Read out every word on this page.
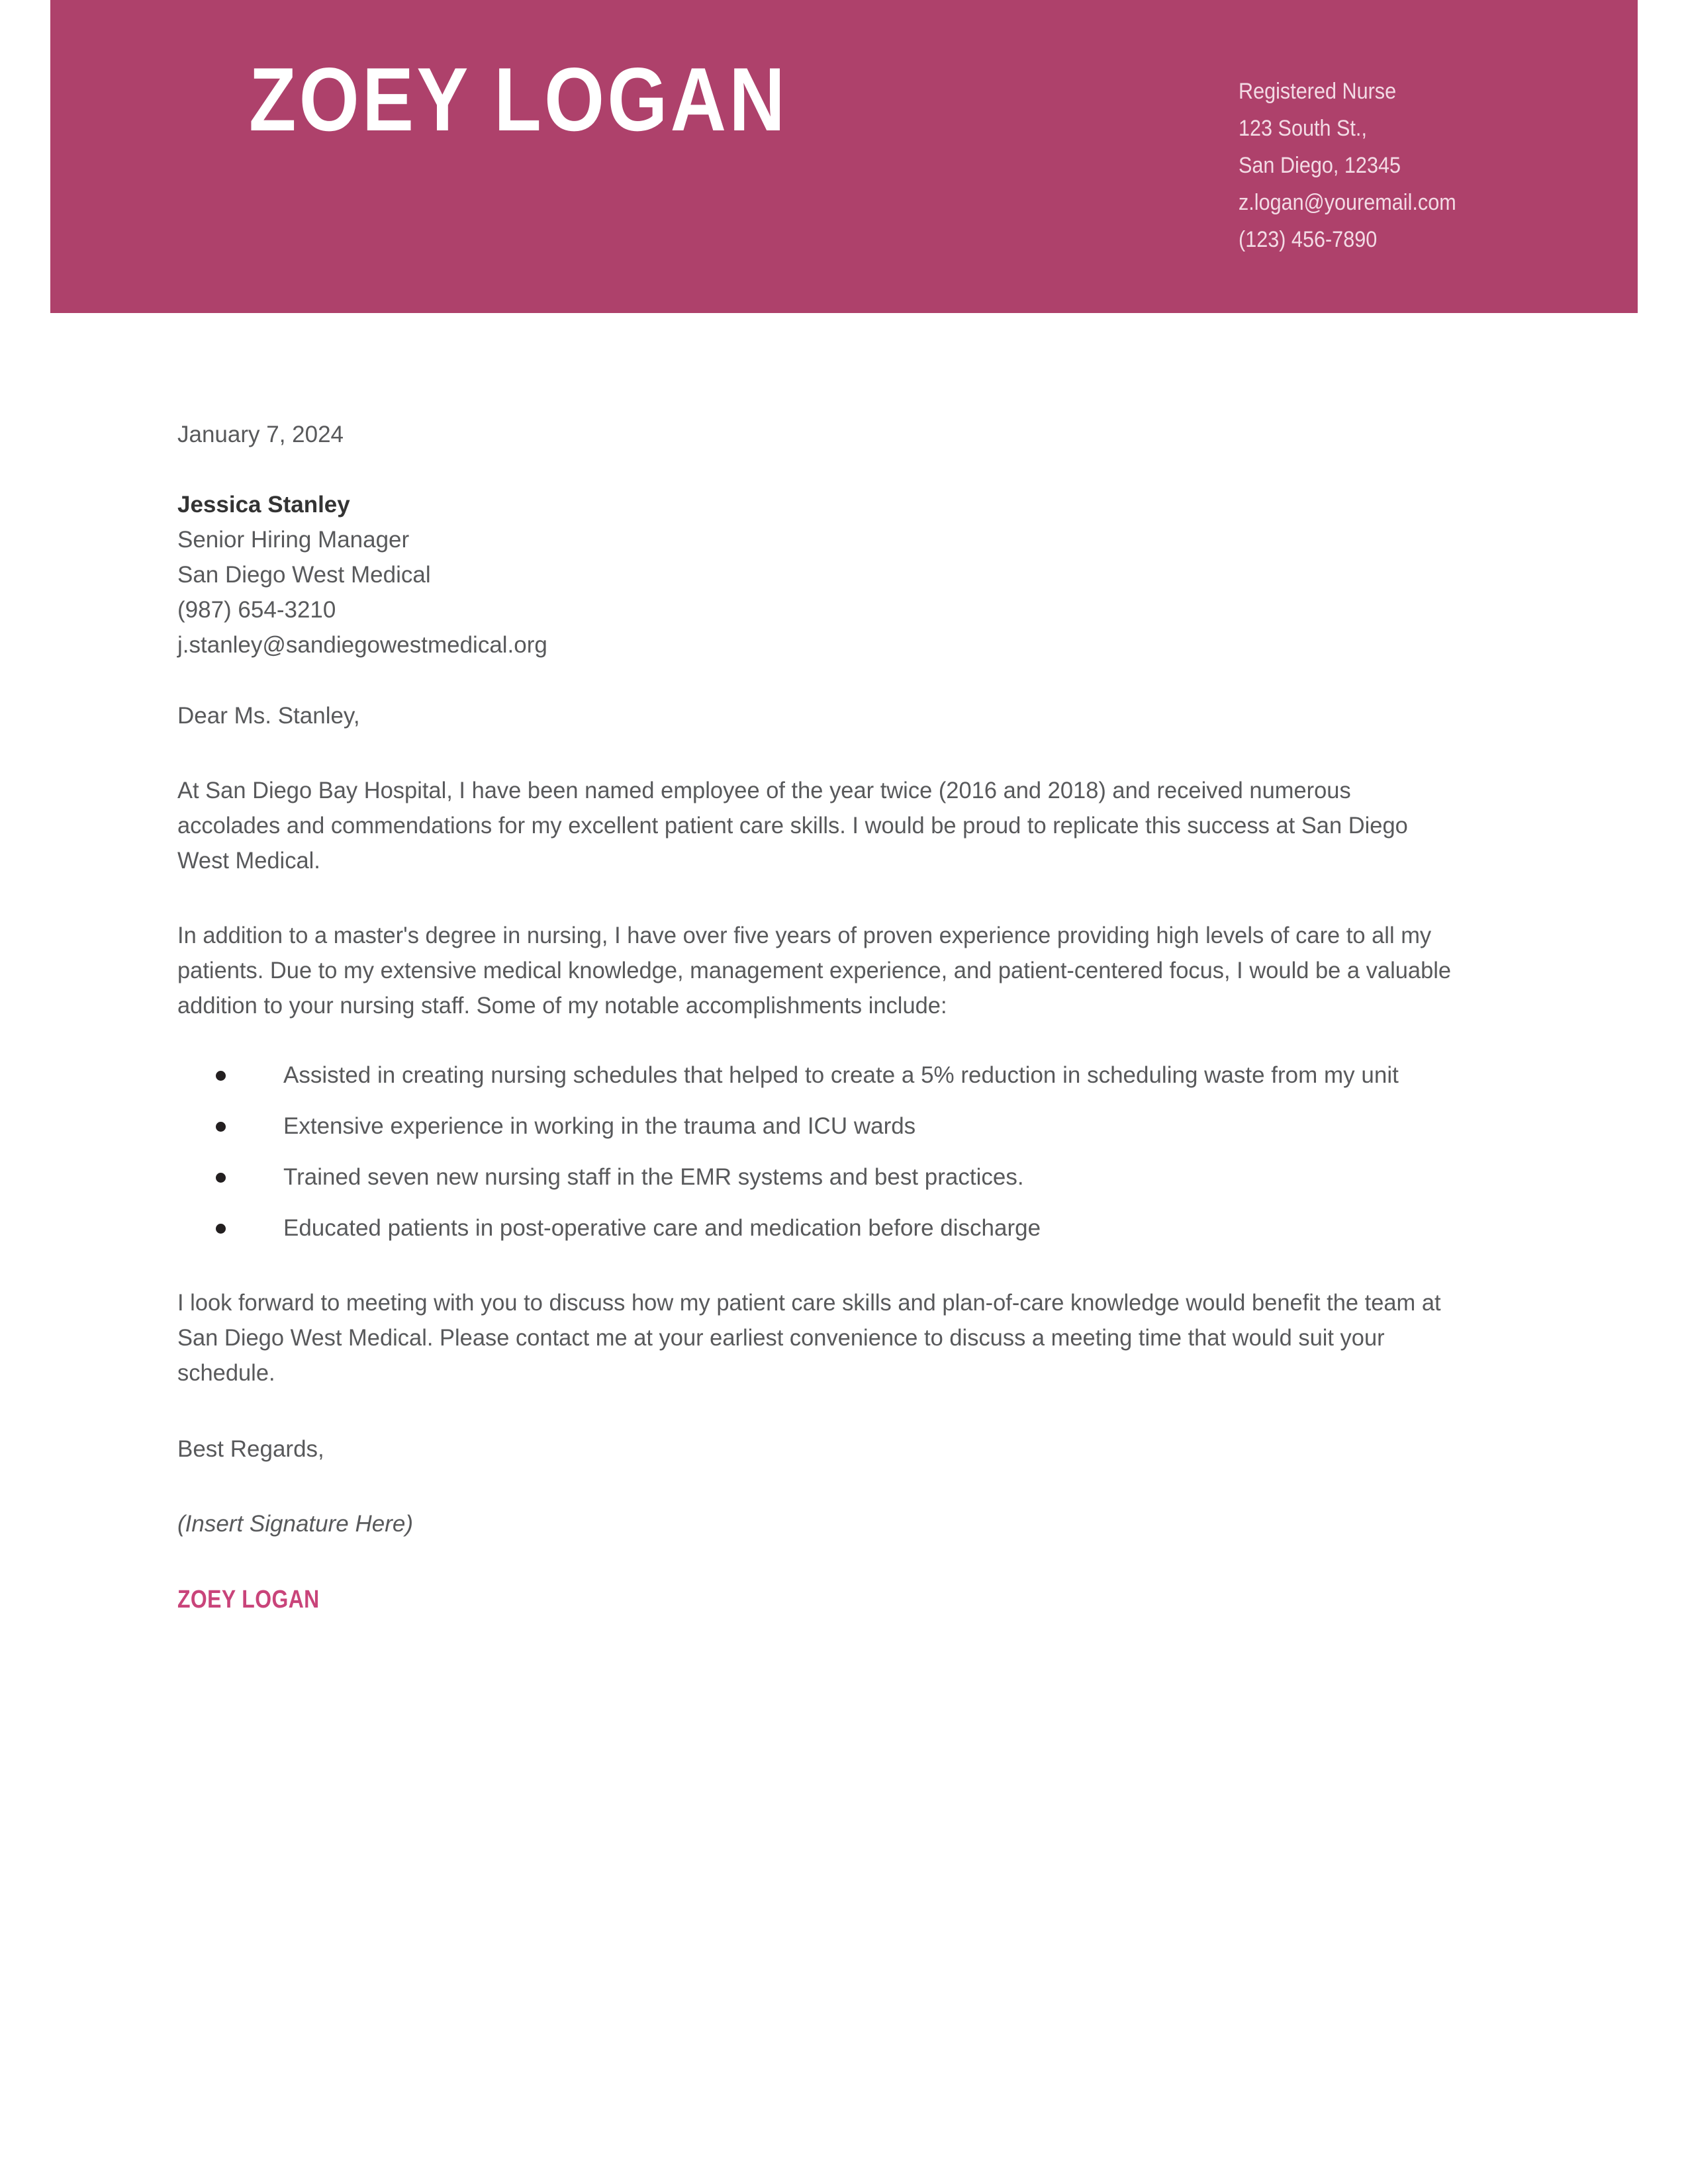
ZOEY LOGAN	Registered Nurse
123 South St.,
San Diego, 12345
z.logan@youremail.com
(123) 456-7890
January 7, 2024
Jessica Stanley
Senior Hiring Manager
San Diego West Medical
(987) 654-3210
j.stanley@sandiegowestmedical.org
Dear Ms. Stanley,
At San Diego Bay Hospital, I have been named employee of the year twice (2016 and 2018) and received numerous accolades and commendations for my excellent patient care skills. I would be proud to replicate this success at San Diego West Medical.
In addition to a master's degree in nursing, I have over five years of proven experience providing high levels of care to all my patients. Due to my extensive medical knowledge, management experience, and patient-centered focus, I would be a valuable addition to your nursing staff. Some of my notable accomplishments include:
Assisted in creating nursing schedules that helped to create a 5% reduction in scheduling waste from my unit
Extensive experience in working in the trauma and ICU wards
Trained seven new nursing staff in the EMR systems and best practices.
Educated patients in post-operative care and medication before discharge
I look forward to meeting with you to discuss how my patient care skills and plan-of-care knowledge would benefit the team at San Diego West Medical. Please contact me at your earliest convenience to discuss a meeting time that would suit your schedule.
Best Regards,
(Insert Signature Here)
ZOEY LOGAN
